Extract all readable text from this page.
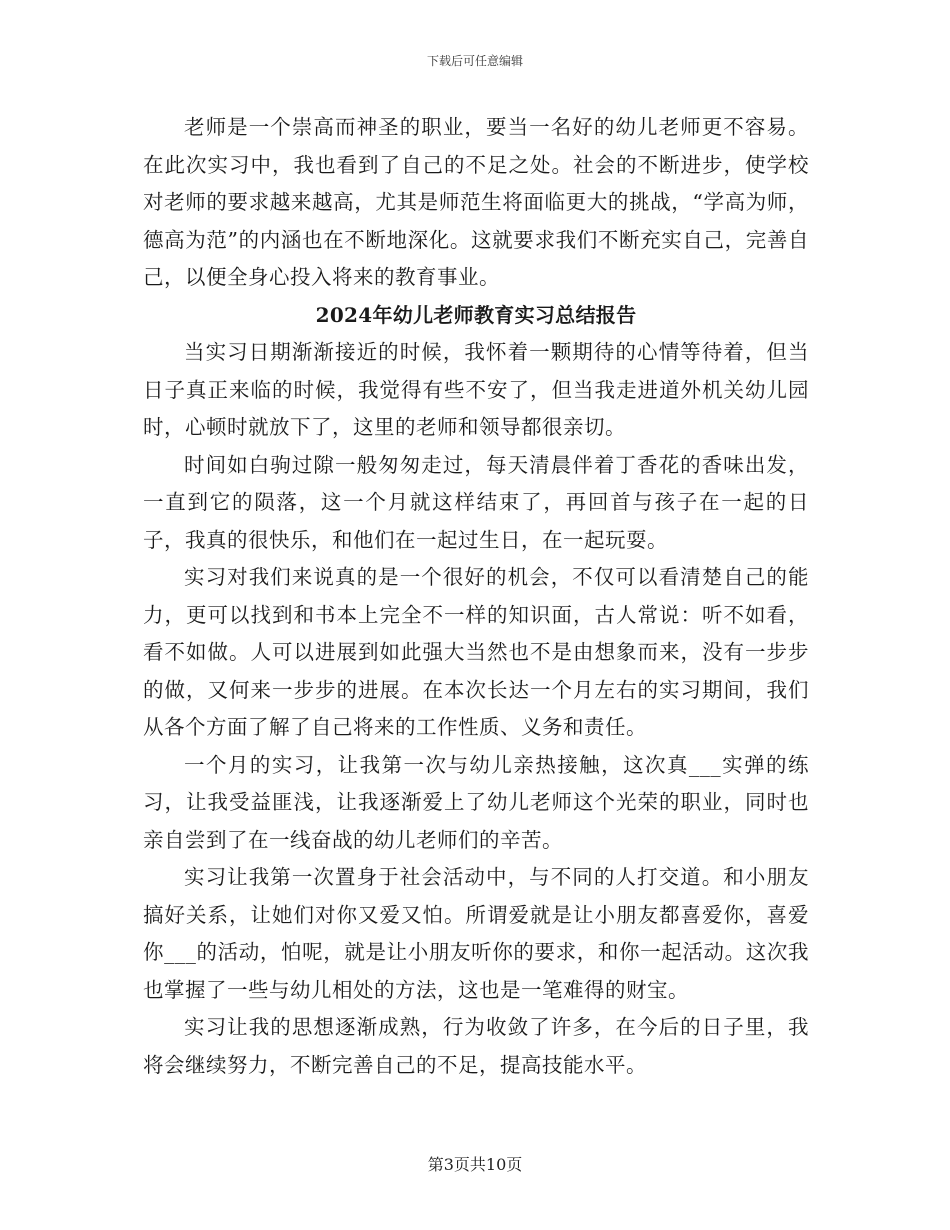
下载后可任意编辑

老师是一个崇高而神圣的职业，要当一名好的幼儿老师更不容易。在此次实习中，我也看到了自己的不足之处。社会的不断进步，使学校对老师的要求越来越高，尤其是师范生将面临更大的挑战，“学高为师，德高为范”的内涵也在不断地深化。这就要求我们不断充实自己，完善自己，以便全身心投入将来的教育事业。

2024年幼儿老师教育实习总结报告

当实习日期渐渐接近的时候，我怀着一颗期待的心情等待着，但当日子真正来临的时候，我觉得有些不安了，但当我走进道外机关幼儿园时，心顿时就放下了，这里的老师和领导都很亲切。

时间如白驹过隙一般匆匆走过，每天清晨伴着丁香花的香味出发，一直到它的陨落，这一个月就这样结束了，再回首与孩子在一起的日子，我真的很快乐，和他们在一起过生日，在一起玩耍。

实习对我们来说真的是一个很好的机会，不仅可以看清楚自己的能力，更可以找到和书本上完全不一样的知识面，古人常说：听不如看，看不如做。人可以进展到如此强大当然也不是由想象而来，没有一步步的做，又何来一步步的进展。在本次长达一个月左右的实习期间，我们从各个方面了解了自己将来的工作性质、义务和责任。

一个月的实习，让我第一次与幼儿亲热接触，这次真___实弹的练习，让我受益匪浅，让我逐渐爱上了幼儿老师这个光荣的职业，同时也亲自尝到了在一线奋战的幼儿老师们的辛苦。

实习让我第一次置身于社会活动中，与不同的人打交道。和小朋友搞好关系，让她们对你又爱又怕。所谓爱就是让小朋友都喜爱你，喜爱你___的活动，怕呢，就是让小朋友听你的要求，和你一起活动。这次我也掌握了一些与幼儿相处的方法，这也是一笔难得的财宝。

实习让我的思想逐渐成熟，行为收敛了许多，在今后的日子里，我将会继续努力，不断完善自己的不足，提高技能水平。

第3页共10页
